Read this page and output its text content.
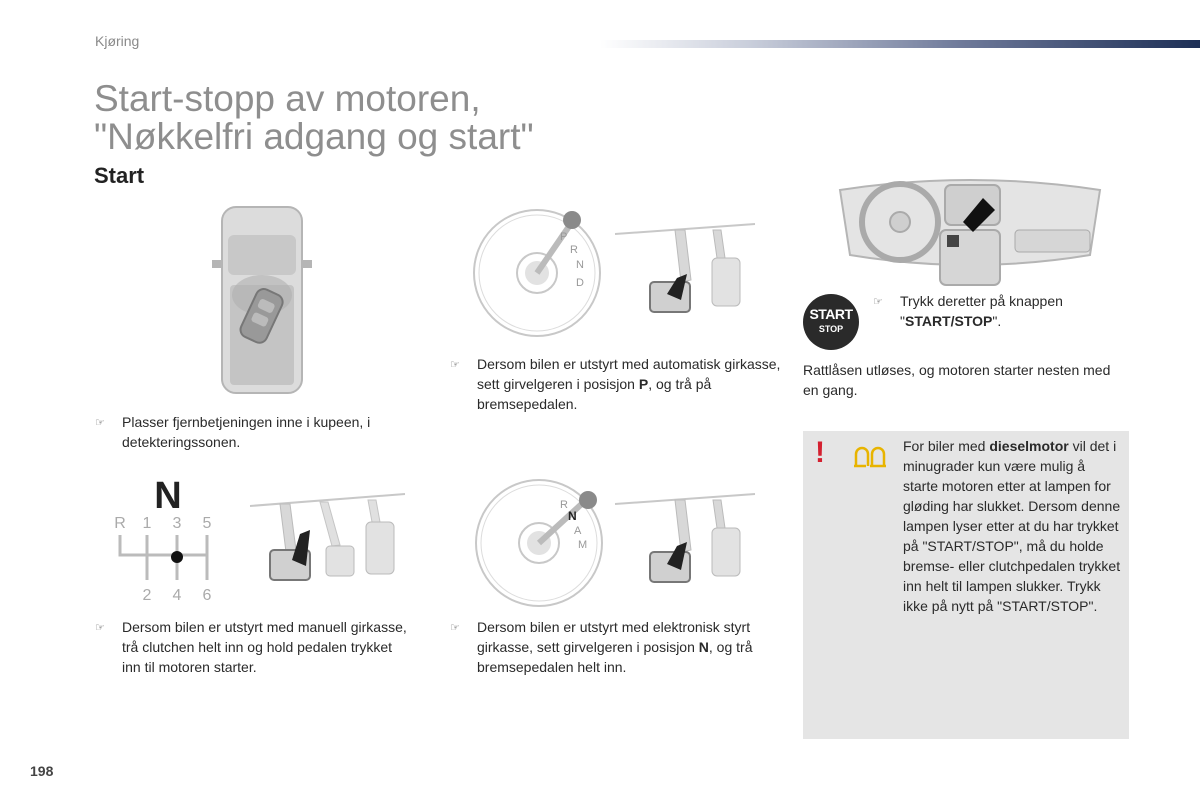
Kjøring
Start-stopp av motoren,
"Nøkkelfri adgang og start"
Start
P
R
N
D
START
STOP
☞ Trykk deretter på knappen "START/STOP".
Rattlåsen utløses, og motoren starter nesten med en gang.
☞ Dersom bilen er utstyrt med automatisk girkasse, sett girvelgeren i posisjon P, og trå på bremsepedalen.
☞ Plasser fjernbetjeningen inne i kupeen, i detekteringssonen.
N
R 1 3 5
2 4 6
R
N
A
M
☞ Dersom bilen er utstyrt med manuell girkasse, trå clutchen helt inn og hold pedalen trykket inn til motoren starter.
☞ Dersom bilen er utstyrt med elektronisk styrt girkasse, sett girvelgeren i posisjon N, og trå bremsepedalen helt inn.
!	For biler med dieselmotor vil det i minugrader kun være mulig å starte motoren etter at lampen for gløding har slukket. Dersom denne lampen lyser etter at du har trykket på "START/STOP", må du holde bremse- eller clutchpedalen trykket inn helt til lampen slukker. Trykk ikke på nytt på "START/STOP".
198
